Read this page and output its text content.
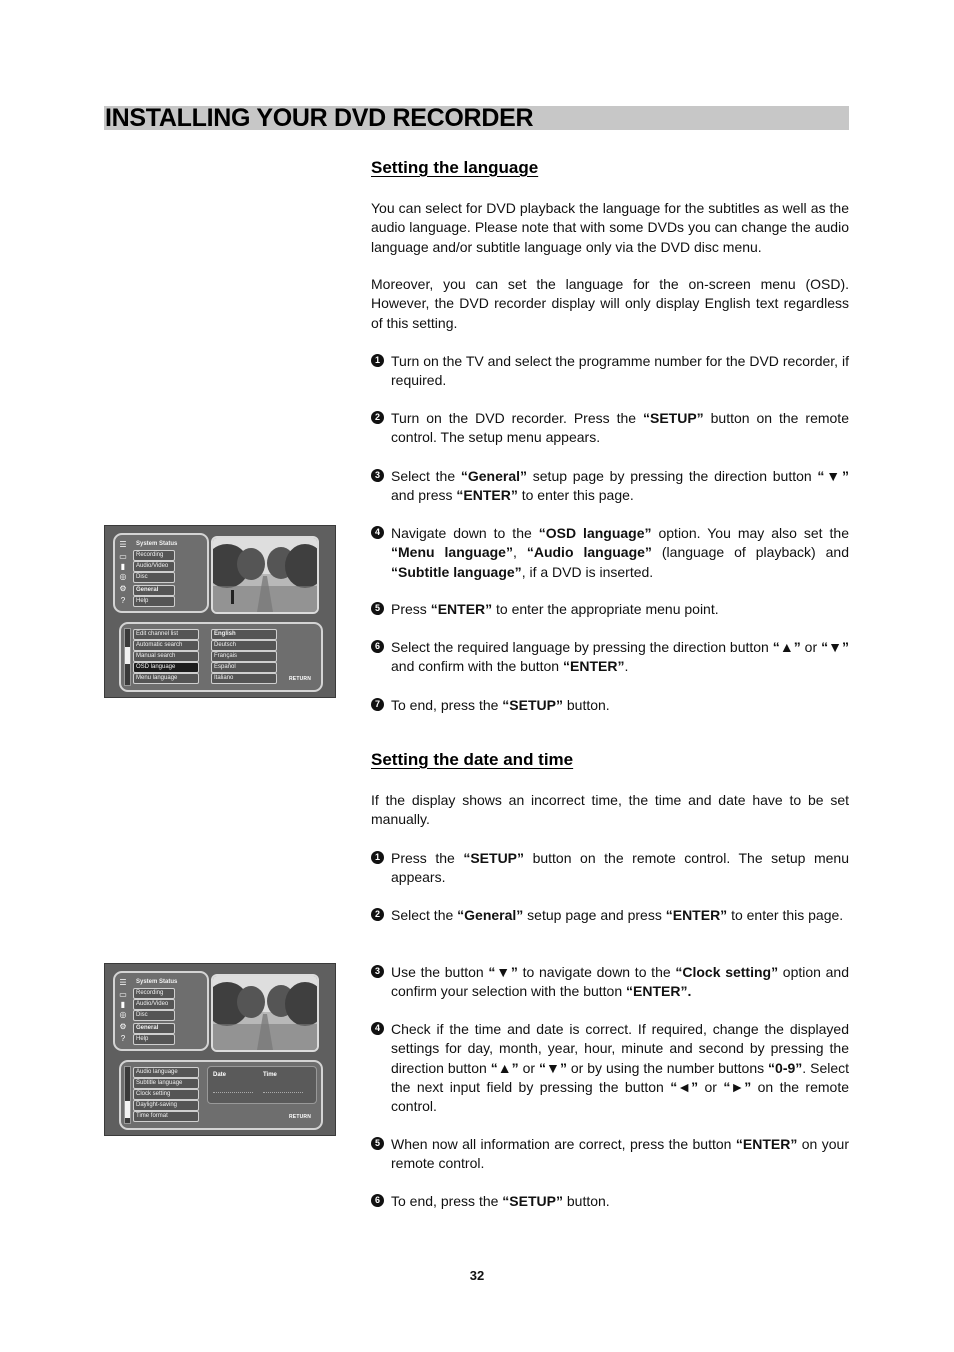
INSTALLING YOUR DVD RECORDER
Setting the language

You can select for DVD playback the language for the subtitles as well as the audio language. Please note that with some DVDs you can change the audio language and/or subtitle language only via the DVD disc menu.

Moreover, you can set the language for the on-screen menu (OSD). However, the DVD recorder display will only display English text regardless of this setting.

1 Turn on the TV and select the programme number for the DVD recorder, if required.
2 Turn on the DVD recorder. Press the “SETUP” button on the remote control. The setup menu appears.
3 Select the “General” setup page by pressing the direction button “▼” and press “ENTER” to enter this page.
4 Navigate down to the “OSD language” option. You may also set the “Menu language”, “Audio language” (language of playback) and “Subtitle language”, if a DVD is inserted.
5 Press “ENTER” to enter the appropriate menu point.
6 Select the required language by pressing the direction button “▲” or “▼” and confirm with the button “ENTER”.
7 To end, press the “SETUP” button.
Setting the date and time

If the display shows an incorrect time, the time and date have to be set manually.

1 Press the “SETUP” button on the remote control. The setup menu appears.
2 Select the “General” setup page and press “ENTER” to enter this page.
3 Use the button “▼” to navigate down to the “Clock setting” option and confirm your selection with the button “ENTER”.
4 Check if the time and date is correct. If required, change the displayed settings for day, month, year, hour, minute and second by pressing the direction button “▲” or “▼” or by using the number buttons “0-9”. Select the next input field by pressing the button “◄” or “►” on the remote control.
5 When now all information are correct, press the button “ENTER” on your remote control.
6 To end, press the “SETUP” button.
System Status
Recording
Audio/Video
Disc
General
Help
☰
▭
▮
◎
⚙
?
Edit channel list
Automatic search
Manual search
OSD language
Menu language
English
Deutsch
Français
Español
Italiano	RETURN
System Status
Recording
Audio/Video
Disc
General
Help
☰
▭
▮
◎
⚙
?
Audio language
Subtitle language
Clock setting
Daylight-saving
Time format
Date	Time
RETURN
32
